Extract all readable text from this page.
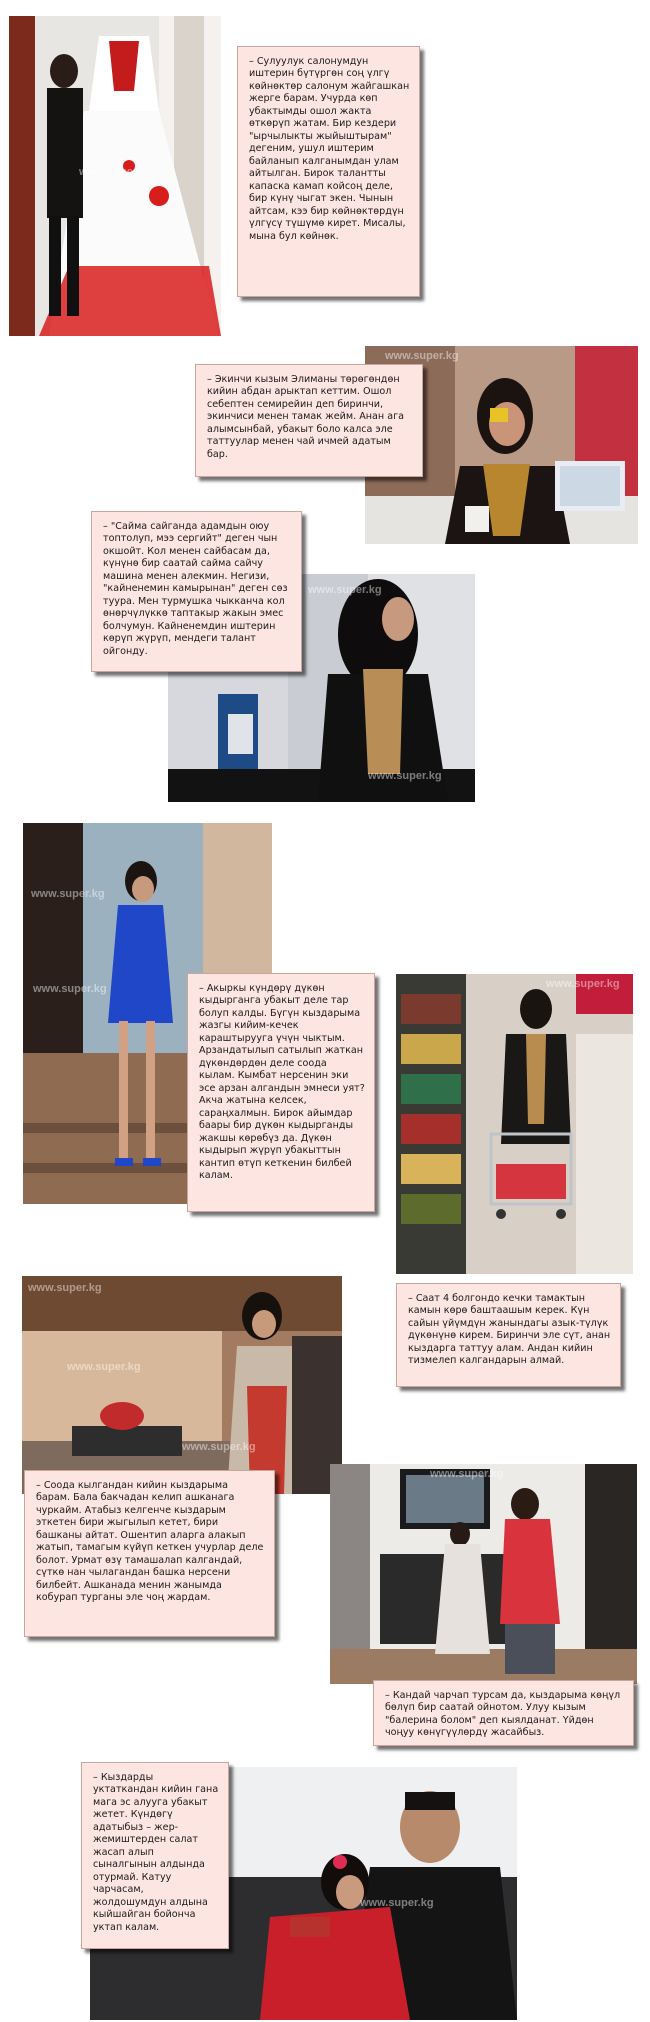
www.super.kg

– Сулуулук салонумдун иштерин бүтүргөн соң үлгү көйнөктөр салонум жайгашкан жерге барам. Учурда көп убактымды ошол жакта өткөрүп жатам. Бир кездери "ырчылыкты жыйыштырам" дегеним, ушул иштерим байланып калганымдан улам айтылган. Бирок талантты капаска камап койсоң деле, бир күнү чыгат экен. Чынын айтсам, кээ бир көйнөктөрдүн үлгүсү түшүмө кирет. Мисалы, мына бул көйнөк.

www.super.kg

– Экинчи кызым Элиманы төрөгөндөн кийин абдан арыктап кеттим. Ошол себептен семирейин деп биринчи, экинчиси менен тамак жейм. Анан ага алымсынбай, убакыт боло калса эле таттуулар менен чай ичмей адатым бар.

www.super.kg
www.super.kg

– "Сайма сайганда адамдын оюу топтолуп, мээ сергийт" деген чын окшойт. Кол менен сайбасам да, күнүнө бир саатай сайма сайчу машина менен алекмин. Негизи, "кайненемин камырынан" деген сөз туура. Мен турмушка чыкканча кол өнөрчүлүккө таптакыр жакын эмес болчумун. Кайненемдин иштерин көрүп жүрүп, мендеги талант ойгонду.

www.super.kg
www.super.kg	www.super.kg

– Акыркы күндөрү дүкөн кыдырганга убакыт деле тар болуп калды. Бүгүн кыздарыма жазгы кийим-кечек караштырууга үчүн чыктым. Арзандатылып сатылып жаткан дүкөндөрдөн деле соода кылам. Кымбат нерсенин эки эсе арзан алгандын эмнеси уят? Акча жатына келсек, сараңхалмын. Бирок айымдар баары бир дүкөн кыдырганды жакшы көрөбүз да. Дүкөн кыдырып жүрүп убакыттын кантип өтүп кеткенин билбей калам.

– Саат 4 болгондо кечки тамактын камын көрө баштаашым керек. Күн сайын үйүмдүн жанындагы азык-түлүк дүкөнүнө кирем. Биринчи эле сүт, анан кыздарга таттуу алам. Андан кийин тизмелеп калгандарын алмай.

www.super.kg
www.super.kg
www.super.kg

– Соода кылгандан кийин кыздарыма барам. Бала бакчадан келип ашканага чуркайм. Атабыз келгенче кыздарым эткетен бири жыгылып кетет, бири башканы айтат. Ошентип аларга алакып жатып, тамагым күйүп кеткен учурлар деле болот. Урмат өзү тамашалап калгандай, сүткө нан чылагандан башка нерсени билбейт. Ашканада менин жанымда кобурап турганы эле чоң жардам.

www.super.kg

– Кандай чарчап турсам да, кыздарыма көңүл бөлүп бир саатай ойнотом. Улуу кызым "балерина болом" деп кыялданат. Үйдөн чоңуу көнүгүүлөрдү жасайбыз.

www.super.kg

– Кыздарды уктаткандан кийин гана мага эс алууга убакыт жетет. Күндөгү адатыбыз – жер-жемиштерден салат жасап алып сыналгынын алдында отурмай. Катуу чарчасам, жолдошумдун алдына кыйшайган бойонча уктап калам.
